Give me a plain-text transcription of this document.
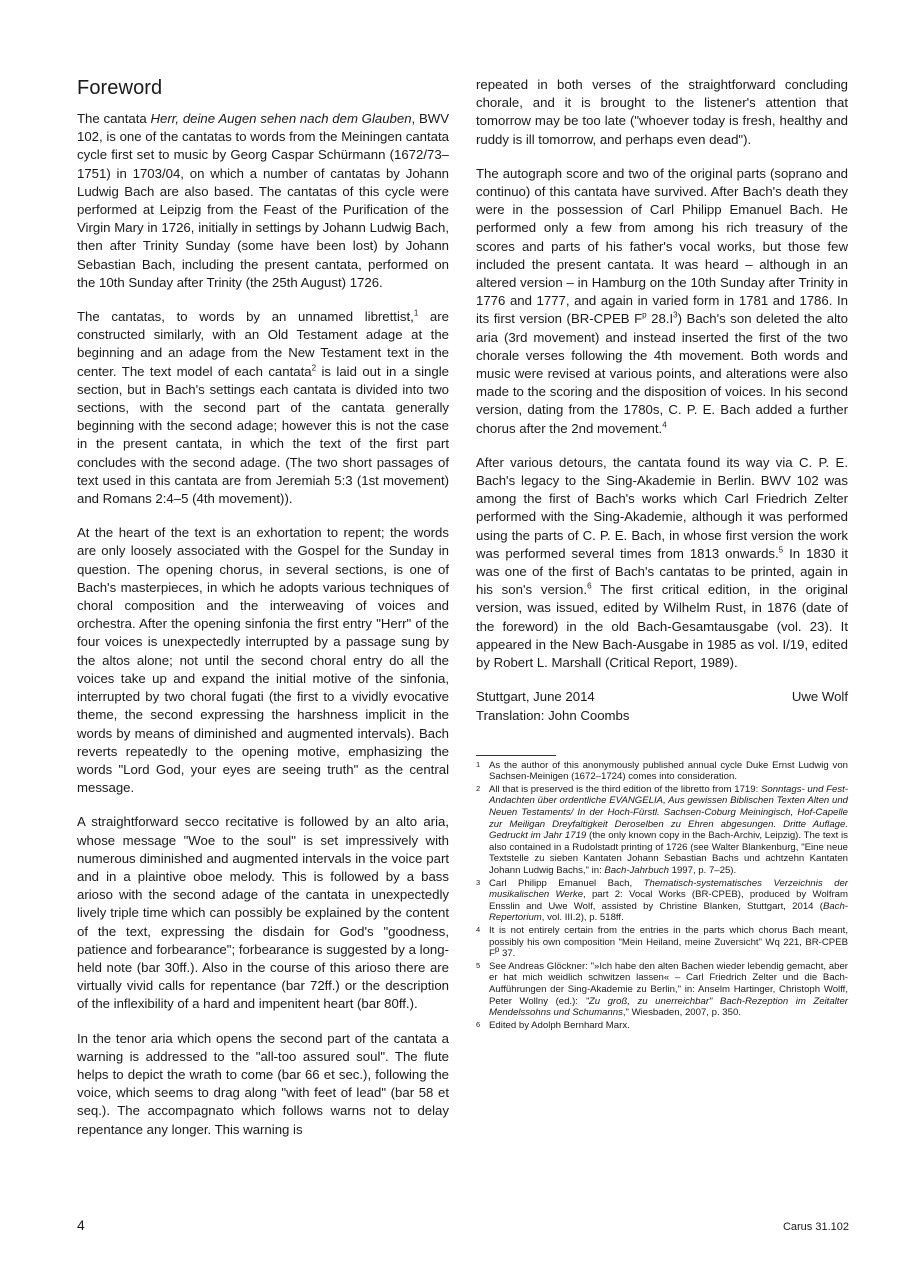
Foreword

The cantata Herr, deine Augen sehen nach dem Glauben, BWV 102, is one of the cantatas to words from the Meiningen cantata cycle first set to music by Georg Caspar Schürmann (1672/73–1751) in 1703/04, on which a number of cantatas by Johann Ludwig Bach are also based. The cantatas of this cycle were performed at Leipzig from the Feast of the Purification of the Virgin Mary in 1726, initially in settings by Johann Ludwig Bach, then after Trinity Sunday (some have been lost) by Johann Sebastian Bach, including the present cantata, performed on the 10th Sunday after Trinity (the 25th August) 1726.

The cantatas, to words by an unnamed librettist,$^1$ are constructed similarly, with an Old Testament adage at the beginning and an adage from the New Testament text in the center. The text model of each cantata$^2$ is laid out in a single section, but in Bach's settings each cantata is divided into two sections, with the second part of the cantata generally beginning with the second adage; however this is not the case in the present cantata, in which the text of the first part concludes with the second adage. (The two short passages of text used in this cantata are from Jeremiah 5:3 (1st movement) and Romans 2:4–5 (4th movement)).

At the heart of the text is an exhortation to repent; the words are only loosely associated with the Gospel for the Sunday in question. The opening chorus, in several sections, is one of Bach's masterpieces, in which he adopts various techniques of choral composition and the interweaving of voices and orchestra. After the opening sinfonia the first entry "Herr" of the four voices is unexpectedly interrupted by a passage sung by the altos alone; not until the second choral entry do all the voices take up and expand the initial motive of the sinfonia, interrupted by two choral fugati (the first to a vividly evocative theme, the second expressing the harshness implicit in the words by means of diminished and augmented intervals). Bach reverts repeatedly to the opening motive, emphasizing the words "Lord God, your eyes are seeing truth" as the central message.

A straightforward secco recitative is followed by an alto aria, whose message "Woe to the soul" is set impressively with numerous diminished and augmented intervals in the voice part and in a plaintive oboe melody. This is followed by a bass arioso with the second adage of the cantata in unexpectedly lively triple time which can possibly be explained by the content of the text, expressing the disdain for God's "goodness, patience and forbearance"; forbearance is suggested by a long-held note (bar 30ff.). Also in the course of this arioso there are virtually vivid calls for repentance (bar 72ff.) or the description of the inflexibility of a hard and impenitent heart (bar 80ff.).

In the tenor aria which opens the second part of the cantata a warning is addressed to the "all-too assured soul". The flute helps to depict the wrath to come (bar 66 et sec.), following the voice, which seems to drag along "with feet of lead" (bar 58 et seq.). The accompagnato which follows warns not to delay repentance any longer. This warning is

repeated in both verses of the straightforward concluding chorale, and it is brought to the listener's attention that tomorrow may be too late ("whoever today is fresh, healthy and ruddy is ill tomorrow, and perhaps even dead").

The autograph score and two of the original parts (soprano and continuo) of this cantata have survived. After Bach's death they were in the possession of Carl Philipp Emanuel Bach. He performed only a few from among his rich treasury of the scores and parts of his father's vocal works, but those few included the present cantata. It was heard – although in an altered version – in Hamburg on the 10th Sunday after Trinity in 1776 and 1777, and again in varied form in 1781 and 1786. In its first version (BR-CPEB $F^p$ $28.I^3$) Bach's son deleted the alto aria (3rd movement) and instead inserted the first of the two chorale verses following the 4th movement. Both words and music were revised at various points, and alterations were also made to the scoring and the disposition of voices. In his second version, dating from the 1780s, C. P. E. Bach added a further chorus after the 2nd movement.$^4$

After various detours, the cantata found its way via C. P. E. Bach's legacy to the Sing-Akademie in Berlin. BWV 102 was among the first of Bach's works which Carl Friedrich Zelter performed with the Sing-Akademie, although it was performed using the parts of C. P. E. Bach, in whose first version the work was performed several times from 1813 onwards.$^5$ In 1830 it was one of the first of Bach's cantatas to be printed, again in his son's version.$^6$ The first critical edition, in the original version, was issued, edited by Wilhelm Rust, in 1876 (date of the foreword) in the old Bach-Gesamtausgabe (vol. 23). It appeared in the New Bach-Ausgabe in 1985 as vol. I/19, edited by Robert L. Marshall (Critical Report, 1989).

Stuttgart, June 2014	Uwe Wolf
Translation: John Coombs
1 As the author of this anonymously published annual cycle Duke Ernst Ludwig von Sachsen-Meinigen (1672–1724) comes into consideration.
2 All that is preserved is the third edition of the libretto from 1719: Sonntags- und Fest-Andachten über ordentliche EVANGELIA, Aus gewissen Biblischen Texten Alten und Neuen Testaments/ In der Hoch-Fürstl. Sachsen-Coburg Meiningisch, Hof-Capelle zur Meiligan Dreyfaltigkeit Deroselben zu Ehren abgesungen. Dritte Auflage. Gedruckt im Jahr 1719 (the only known copy in the Bach-Archiv, Leipzig). The text is also contained in a Rudolstadt printing of 1726 (see Walter Blankenburg, "Eine neue Textstelle zu sieben Kantaten Johann Sebastian Bachs und achtzehn Kantaten Johann Ludwig Bachs," in: Bach-Jahrbuch 1997, p. 7–25).
3 Carl Philipp Emanuel Bach, Thematisch-systematisches Verzeichnis der musikalischen Werke, part 2: Vocal Works (BR-CPEB), produced by Wolfram Ensslin and Uwe Wolf, assisted by Christine Blanken, Stuttgart, 2014 (Bach-Repertorium, vol. III.2), p. 518ff.
4 It is not entirely certain from the entries in the parts which chorus Bach meant, possibly his own composition "Mein Heiland, meine Zuversicht" Wq 221, BR-CPEB $F^p$ 37.
5 See Andreas Glöckner: "»Ich habe den alten Bachen wieder lebendig gemacht, aber er hat mich weidlich schwitzen lassen« – Carl Friedrich Zelter und die Bach-Aufführungen der Sing-Akademie zu Berlin," in: Anselm Hartinger, Christoph Wolff, Peter Wollny (ed.): "Zu groß, zu unerreichbar" Bach-Rezeption im Zeitalter Mendelssohns und Schumanns," Wiesbaden, 2007, p. 350.
6 Edited by Adolph Bernhard Marx.
4	Carus 31.102
